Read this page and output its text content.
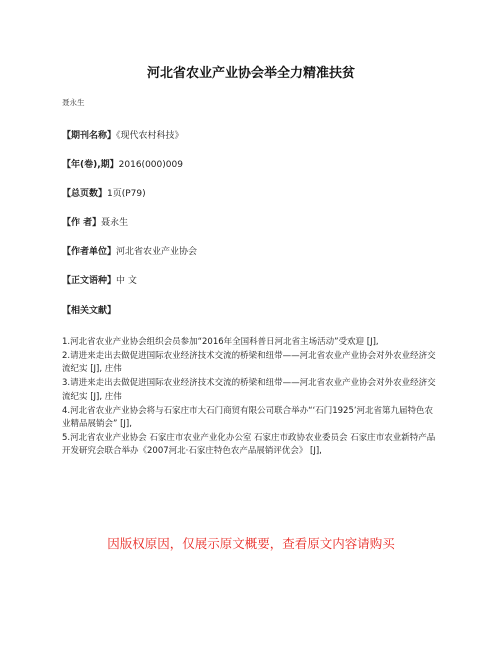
河北省农业产业协会举全力精准扶贫
聂永生
【期刊名称】《现代农村科技》
【年(卷),期】2016(000)009
【总页数】1页(P79)
【作 者】聂永生
【作者单位】河北省农业产业协会
【正文语种】中 文
【相关文献】
1.河北省农业产业协会组织会员参加“2016年全国科普日河北省主场活动”受欢迎 [J],
2.请进来走出去做促进国际农业经济技术交流的桥梁和纽带——河北省农业产业协会对外农业经济交流纪实 [J], 庄伟
3.请进来走出去做促进国际农业经济技术交流的桥梁和纽带——河北省农业产业协会对外农业经济交流纪实 [J], 庄伟
4.河北省农业产业协会将与石家庄市大石门商贸有限公司联合举办“‘石门1925’河北省第九届特色农业精品展销会” [J],
5.河北省农业产业协会 石家庄市农业产业化办公室 石家庄市政协农业委员会 石家庄市农业新特产品开发研究会联合举办《2007河北·石家庄特色农产品展销评优会》 [J],

因版权原因，仅展示原文概要，查看原文内容请购买
